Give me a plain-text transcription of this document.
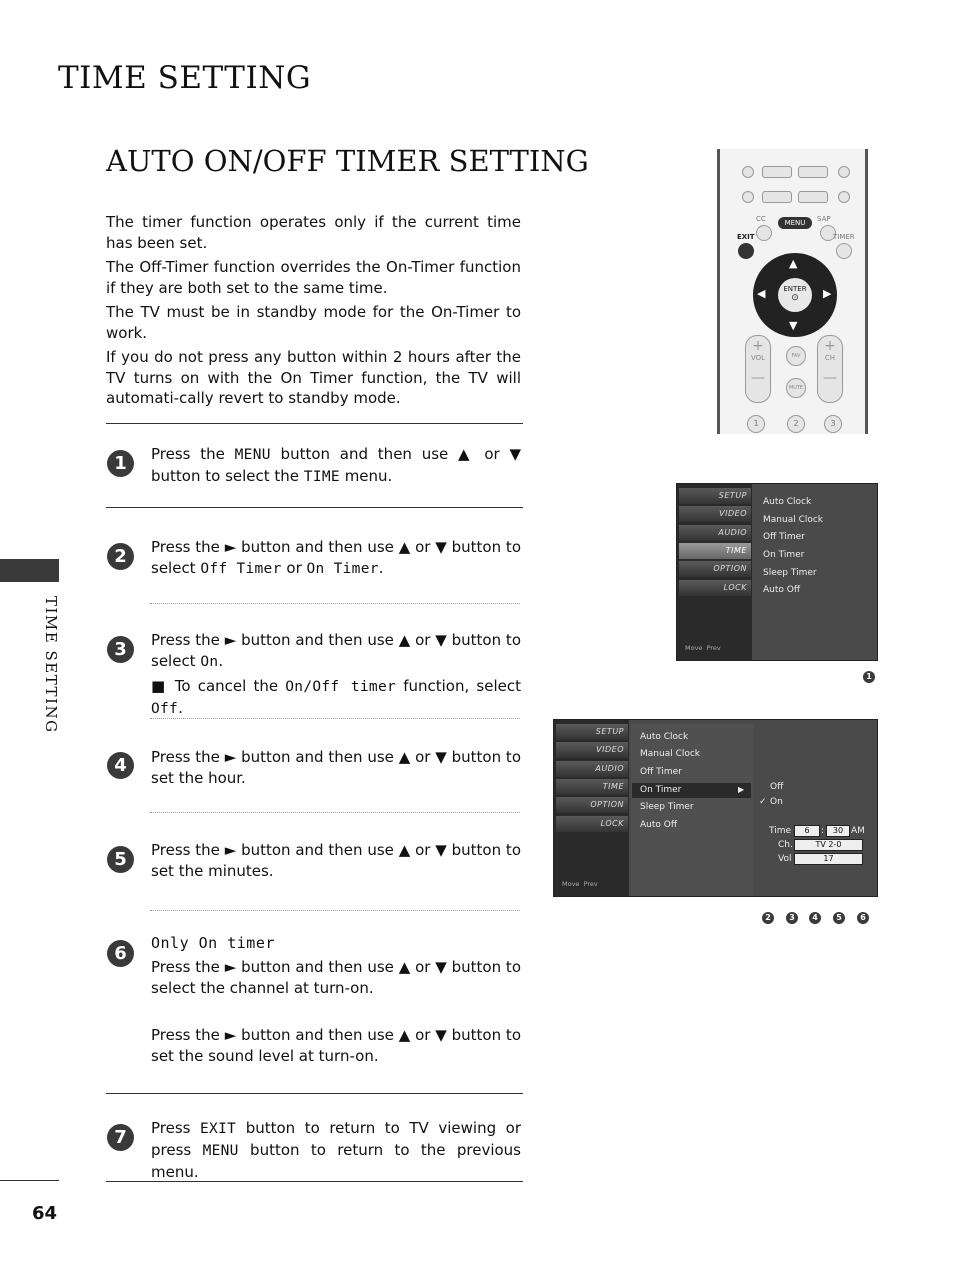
TIME SETTING
AUTO ON/OFF TIMER SETTING

The timer function operates only if the current time has been set.

The Off-Timer function overrides the On-Timer function if they are both set to the same time.

The TV must be in standby mode for the On-Timer to work.

If you do not press any button within 2 hours after the TV turns on with the On Timer function, the TV will automati-cally revert to standby mode.

1	Press the MENU button and then use ▲ or ▼ button to select the TIME menu.
2	Press the ► button and then use ▲ or ▼ button to select Off Timer or On Timer.
3	Press the ► button and then use ▲ or ▼ button to select On.

■ To cancel the On/Off timer function, select Off.

4	Press the ► button and then use ▲ or ▼ button to set the hour.
5	Press the ► button and then use ▲ or ▼ button to set the minutes.
6	Only On timer

Press the ► button and then use ▲ or ▼ button to select the channel at turn-on.

Press the ► button and then use ▲ or ▼ button to set the sound level at turn-on.

7	Press EXIT button to return to TV viewing or press MENU button to return to the previous menu.
TIME SETTING
64
CC	SAP
MENU
EXIT	TIMER
▲
▼
◀	▶
ENTER
⊙
+
VOL
—
FAV
MUTE
+
CH
—
1	2	3
SETUP
VIDEO
AUDIO
TIME
OPTION
LOCK
Move Prev
Auto Clock
Manual Clock
Off Timer
On Timer
Sleep Timer
Auto Off
1
SETUP
VIDEO
AUDIO
TIME
OPTION
LOCK
Move Prev
Auto Clock
Manual Clock
Off Timer
On Timer	▶
Sleep Timer
Auto Off
Off
✓ On
Time	6	:	30 AM
Ch.	TV 2-0
Vol	17
2	3	4	5	6
